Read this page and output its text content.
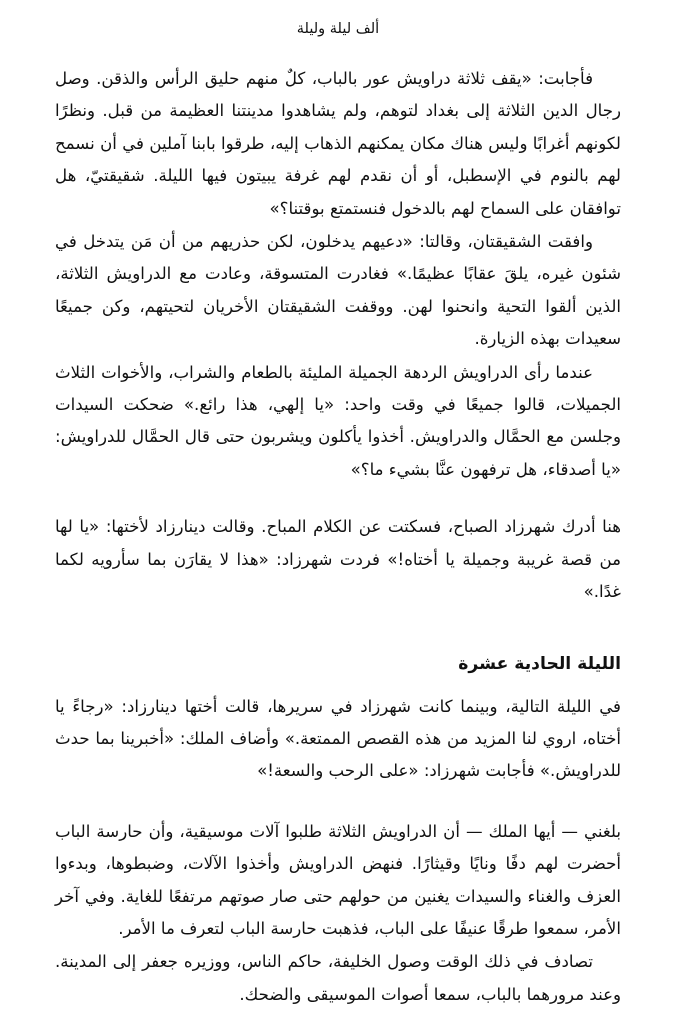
ألف ليلة وليلة

فأجابت: «يقف ثلاثة دراويش عور بالباب، كلٌ منهم حليق الرأس والذقن. وصل رجال الدين الثلاثة إلى بغداد لتوهم، ولم يشاهدوا مدينتنا العظيمة من قبل. ونظرًا لكونهم أغرابًا وليس هناك مكان يمكنهم الذهاب إليه، طرقوا بابنا آملين في أن نسمح لهم بالنوم في الإسطبل، أو أن نقدم لهم غرفة يبيتون فيها الليلة. شقيقتيّ، هل توافقان على السماح لهم بالدخول فنستمتع بوقتنا؟»

وافقت الشقيقتان، وقالتا: «دعيهم يدخلون، لكن حذريهم من أن مَن يتدخل في شئون غيره، يلقَ عقابًا عظيمًا.» فغادرت المتسوقة، وعادت مع الدراويش الثلاثة، الذين ألقوا التحية وانحنوا لهن. ووقفت الشقيقتان الأخريان لتحيتهم، وكن جميعًا سعيدات بهذه الزيارة.

عندما رأى الدراويش الردهة الجميلة المليئة بالطعام والشراب، والأخوات الثلاث الجميلات، قالوا جميعًا في وقت واحد: «يا إلهي، هذا رائع.» ضحكت السيدات وجلسن مع الحمَّال والدراويش. أخذوا يأكلون ويشربون حتى قال الحمَّال للدراويش: «يا أصدقاء، هل ترفهون عنَّا بشيء ما؟»

هنا أدرك شهرزاد الصباح، فسكتت عن الكلام المباح. وقالت دينارزاد لأختها: «يا لها من قصة غريبة وجميلة يا أختاه!» فردت شهرزاد: «هذا لا يقارَن بما سأرويه لكما غدًا.»

الليلة الحادية عشرة

في الليلة التالية، وبينما كانت شهرزاد في سريرها، قالت أختها دينارزاد: «رجاءً يا أختاه، اروي لنا المزيد من هذه القصص الممتعة.» وأضاف الملك: «أخبرينا بما حدث للدراويش.» فأجابت شهرزاد: «على الرحب والسعة!»

بلغني — أيها الملك — أن الدراويش الثلاثة طلبوا آلات موسيقية، وأن حارسة الباب أحضرت لهم دفًا ونايًا وقيثارًا. فنهض الدراويش وأخذوا الآلات، وضبطوها، وبدءوا العزف والغناء والسيدات يغنين من حولهم حتى صار صوتهم مرتفعًا للغاية. وفي آخر الأمر، سمعوا طرقًا عنيفًا على الباب، فذهبت حارسة الباب لتعرف ما الأمر.

تصادف في ذلك الوقت وصول الخليفة، حاكم الناس، ووزيره جعفر إلى المدينة. وعند مرورهما بالباب، سمعا أصوات الموسيقى والضحك.
